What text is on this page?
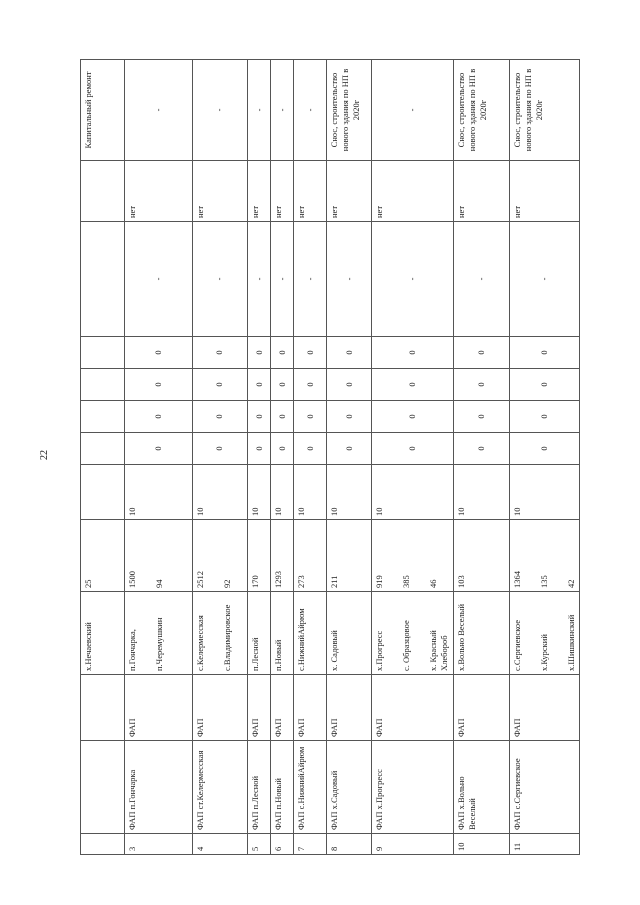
22

			х.Нечаевский	25								Капитальный ремонт
3	ФАП п.Гончарка	ФАП	п.Гончарка, п.Черемушкин	1500 94	10	0	0	0	0	-	нет	-
4	ФАП ст.Келермесская	ФАП	с.Келермесская с.Владимировское	2512 92	10	0	0	0	0	-	нет	-
5	ФАП п.Лесной	ФАП	п.Лесной	170	10	0	0	0	0	-	нет	-
6	ФАП п.Новый	ФАП	п.Новый	1293	10	0	0	0	0	-	нет	-
7	ФАП с.НижнийАйрюм	ФАП	с.НижнийАйрюм	273	10	0	0	0	0	-	нет	-
8	ФАП х.Садовый	ФАП	х. Садовый	211	10	0	0	0	0	-	нет	Снос, строительство нового здания по НП в 2020г
9	ФАП х.Прогресс	ФАП	х.Прогресс с. Образцовое х. Красный Хлебороб	919 385 46	10	0	0	0	0	-	нет	-
10	ФАП х.Вольно Веселый	ФАП	х.Вольно Веселый	103	10	0	0	0	0	-	нет	Снос, строительство нового здания по НП в 2020г
11	ФАП с.Сергиевское	ФАП	с.Сергиевское х.Курский х.Шишкинский	1364 135 42	10	0	0	0	0	-	нет	Снос, строительство нового здания по НП в 2020г
